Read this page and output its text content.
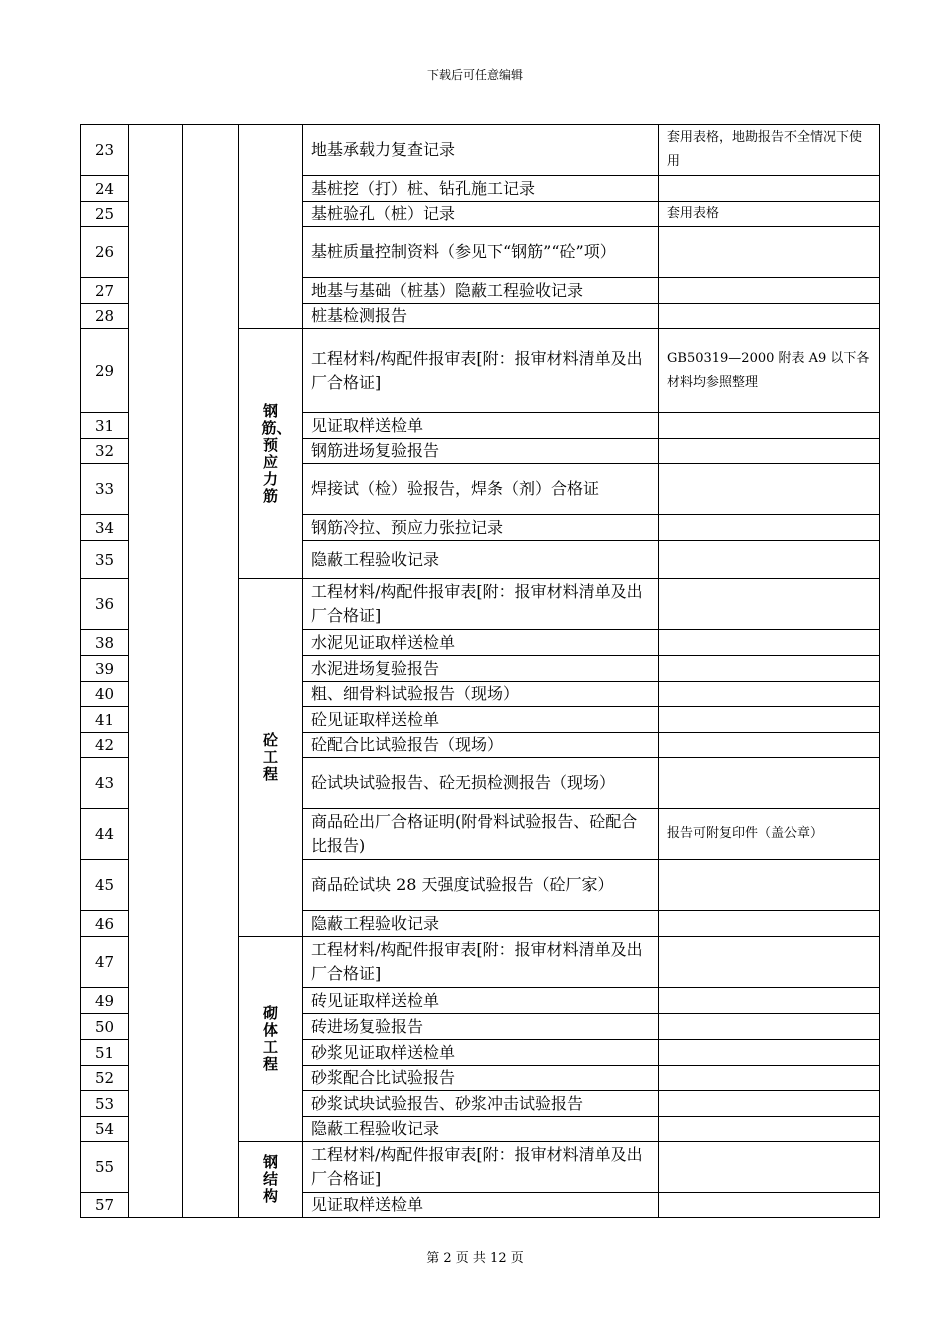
下载后可任意编辑
23				地基承载力复查记录	套用表格，地勘报告不全情况下使用
24				基桩挖（打）桩、钻孔施工记录	
25				基桩验孔（桩）记录	套用表格
26				基桩质量控制资料（参见下“钢筋”“砼”项）	
27				地基与基础（桩基）隐蔽工程验收记录	
28				桩基检测报告	
29			钢筋、预应力筋	工程材料/构配件报审表[附：报审材料清单及出厂合格证]	GB50319—2000 附表 A9 以下各材料均参照整理
31				见证取样送检单	
32				钢筋进场复验报告	
33				焊接试（检）验报告，焊条（剂）合格证	
34				钢筋冷拉、预应力张拉记录	
35				隐蔽工程验收记录	
36			砼工程	工程材料/构配件报审表[附：报审材料清单及出厂合格证]	
38				水泥见证取样送检单	
39				水泥进场复验报告	
40				粗、细骨料试验报告（现场）	
41				砼见证取样送检单	
42				砼配合比试验报告（现场）	
43				砼试块试验报告、砼无损检测报告（现场）	
44				商品砼出厂合格证明(附骨料试验报告、砼配合比报告)	报告可附复印件（盖公章）
45				商品砼试块 28 天强度试验报告（砼厂家）	
46				隐蔽工程验收记录	
47			砌体工程	工程材料/构配件报审表[附：报审材料清单及出厂合格证]	
49				砖见证取样送检单	
50				砖进场复验报告	
51				砂浆见证取样送检单	
52				砂浆配合比试验报告	
53				砂浆试块试验报告、砂浆冲击试验报告	
54				隐蔽工程验收记录	
55			钢结构	工程材料/构配件报审表[附：报审材料清单及出厂合格证]	
57				见证取样送检单	
第 2 页 共 12 页
